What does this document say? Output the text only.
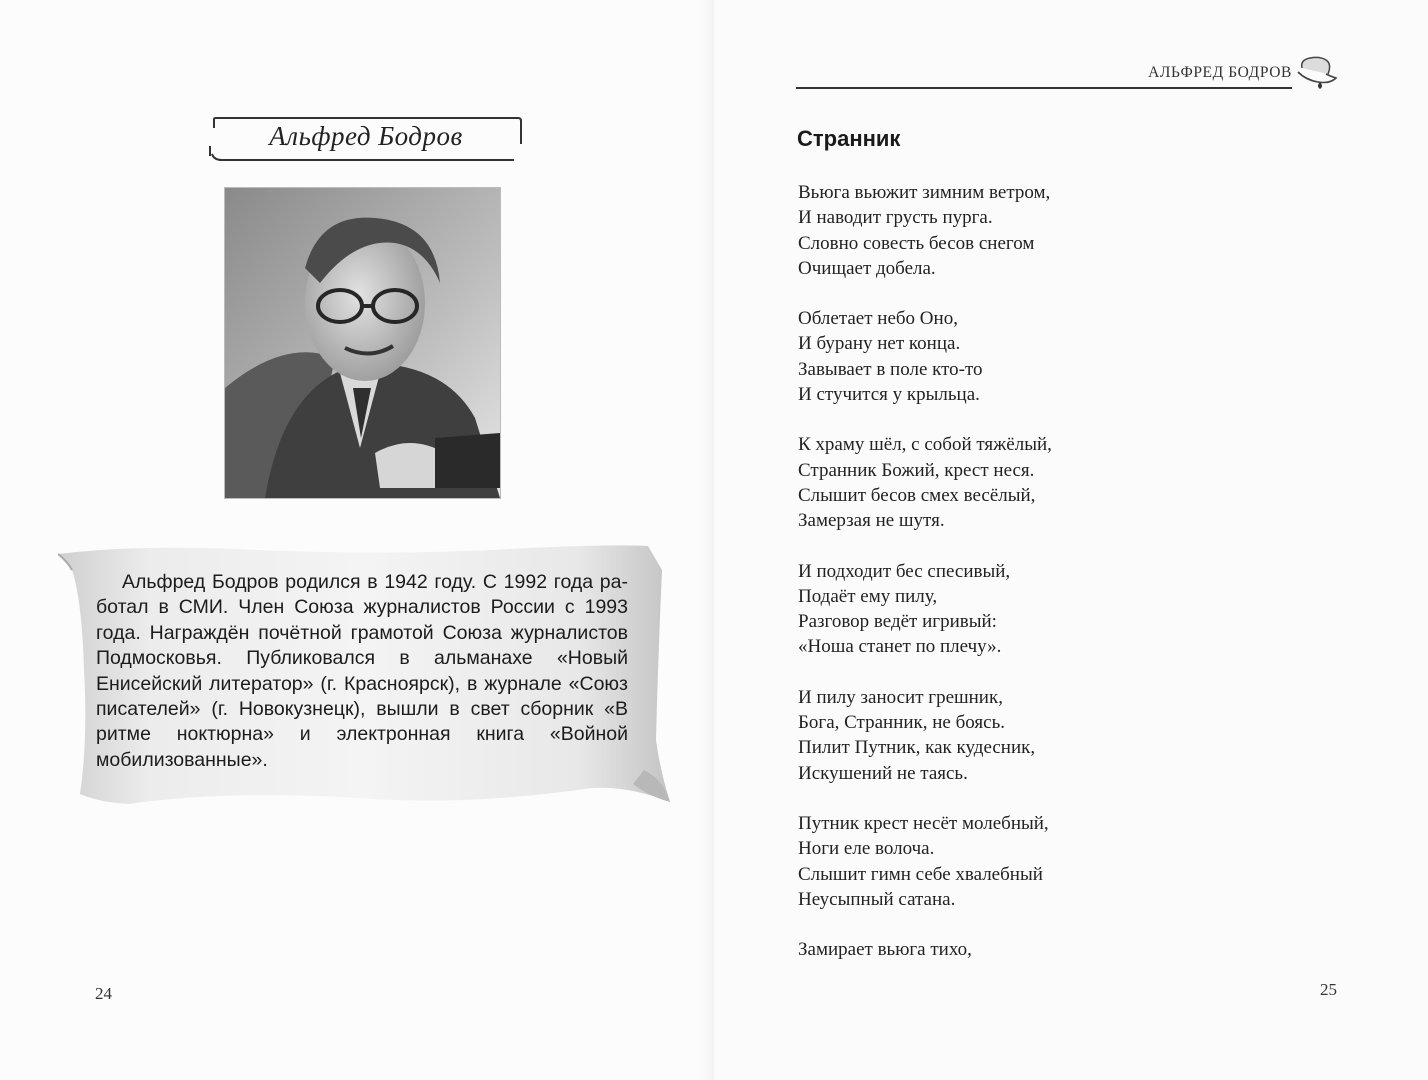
Альфред Бодров
Альфред Бодров родился в 1942 году. С 1992 года работал в СМИ. Член Союза журналистов России с 1993 года. Награждён почётной грамотой Союза журналистов Подмосковья. Публиковался в альманахе «Новый Енисейский литератор» (г. Красноярск), в журнале «Союз писателей» (г. Новокузнецк), вышли в свет сборник «В ритме ноктюрна» и электронная книга «Войной мобилизованные».
24
АЛЬФРЕД БОДРОВ
Странник
Вьюга вьюжит зимним ветром,
И наводит грусть пурга.
Словно совесть бесов снегом
Очищает добела.
Облетает небо Оно,
И бурану нет конца.
Завывает в поле кто-то
И стучится у крыльца.
К храму шёл, с собой тяжёлый,
Странник Божий, крест неся.
Слышит бесов смех весёлый,
Замерзая не шутя.
И подходит бес спесивый,
Подаёт ему пилу,
Разговор ведёт игривый:
«Ноша станет по плечу».
И пилу заносит грешник,
Бога, Странник, не боясь.
Пилит Путник, как кудесник,
Искушений не таясь.
Путник крест несёт молебный,
Ноги еле волоча.
Слышит гимн себе хвалебный
Неусыпный сатана.
Замирает вьюга тихо,
25
